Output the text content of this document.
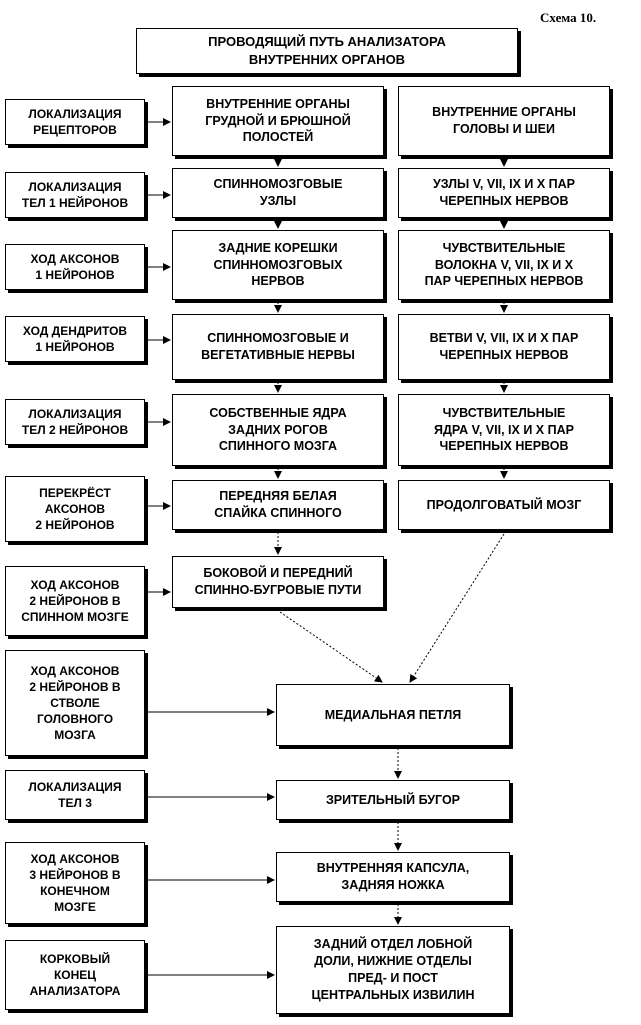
Схема 10.
ПРОВОДЯЩИЙ ПУТЬ АНАЛИЗАТОРА
ВНУТРЕННИХ ОРГАНОВ
ЛОКАЛИЗАЦИЯ
РЕЦЕПТОРОВ
ЛОКАЛИЗАЦИЯ
ТЕЛ 1 НЕЙРОНОВ
ХОД АКСОНОВ
1 НЕЙРОНОВ
ХОД ДЕНДРИТОВ
1 НЕЙРОНОВ
ЛОКАЛИЗАЦИЯ
ТЕЛ 2 НЕЙРОНОВ
ПЕРЕКРЁСТ
АКСОНОВ
2 НЕЙРОНОВ
ХОД АКСОНОВ
2 НЕЙРОНОВ В
СПИННОМ МОЗГЕ
ХОД АКСОНОВ
2 НЕЙРОНОВ В
СТВОЛЕ
ГОЛОВНОГО
МОЗГА
ЛОКАЛИЗАЦИЯ
ТЕЛ 3
ХОД АКСОНОВ
3 НЕЙРОНОВ В
КОНЕЧНОМ
МОЗГЕ
КОРКОВЫЙ
КОНЕЦ
АНАЛИЗАТОРА
ВНУТРЕННИЕ ОРГАНЫ
ГРУДНОЙ И БРЮШНОЙ
ПОЛОСТЕЙ
СПИННОМОЗГОВЫЕ
УЗЛЫ
ЗАДНИЕ КОРЕШКИ
СПИННОМОЗГОВЫХ
НЕРВОВ
СПИННОМОЗГОВЫЕ И
ВЕГЕТАТИВНЫЕ НЕРВЫ
СОБСТВЕННЫЕ ЯДРА
ЗАДНИХ РОГОВ
СПИННОГО МОЗГА
ПЕРЕДНЯЯ БЕЛАЯ
СПАЙКА СПИННОГО
БОКОВОЙ И ПЕРЕДНИЙ
СПИННО-БУГРОВЫЕ ПУТИ
ВНУТРЕННИЕ ОРГАНЫ
ГОЛОВЫ И ШЕИ
УЗЛЫ V, VII, IX И X ПАР
ЧЕРЕПНЫХ НЕРВОВ
ЧУВСТВИТЕЛЬНЫЕ
ВОЛОКНА V, VII, IX И X
ПАР ЧЕРЕПНЫХ НЕРВОВ
ВЕТВИ V, VII, IX И X ПАР
ЧЕРЕПНЫХ НЕРВОВ
ЧУВСТВИТЕЛЬНЫЕ
ЯДРА V, VII, IX И X ПАР
ЧЕРЕПНЫХ НЕРВОВ
ПРОДОЛГОВАТЫЙ МОЗГ
МЕДИАЛЬНАЯ ПЕТЛЯ
ЗРИТЕЛЬНЫЙ БУГОР
ВНУТРЕННЯЯ КАПСУЛА,
ЗАДНЯЯ НОЖКА
ЗАДНИЙ ОТДЕЛ ЛОБНОЙ
ДОЛИ, НИЖНИЕ ОТДЕЛЫ
ПРЕД- И ПОСТ
ЦЕНТРАЛЬНЫХ ИЗВИЛИН
